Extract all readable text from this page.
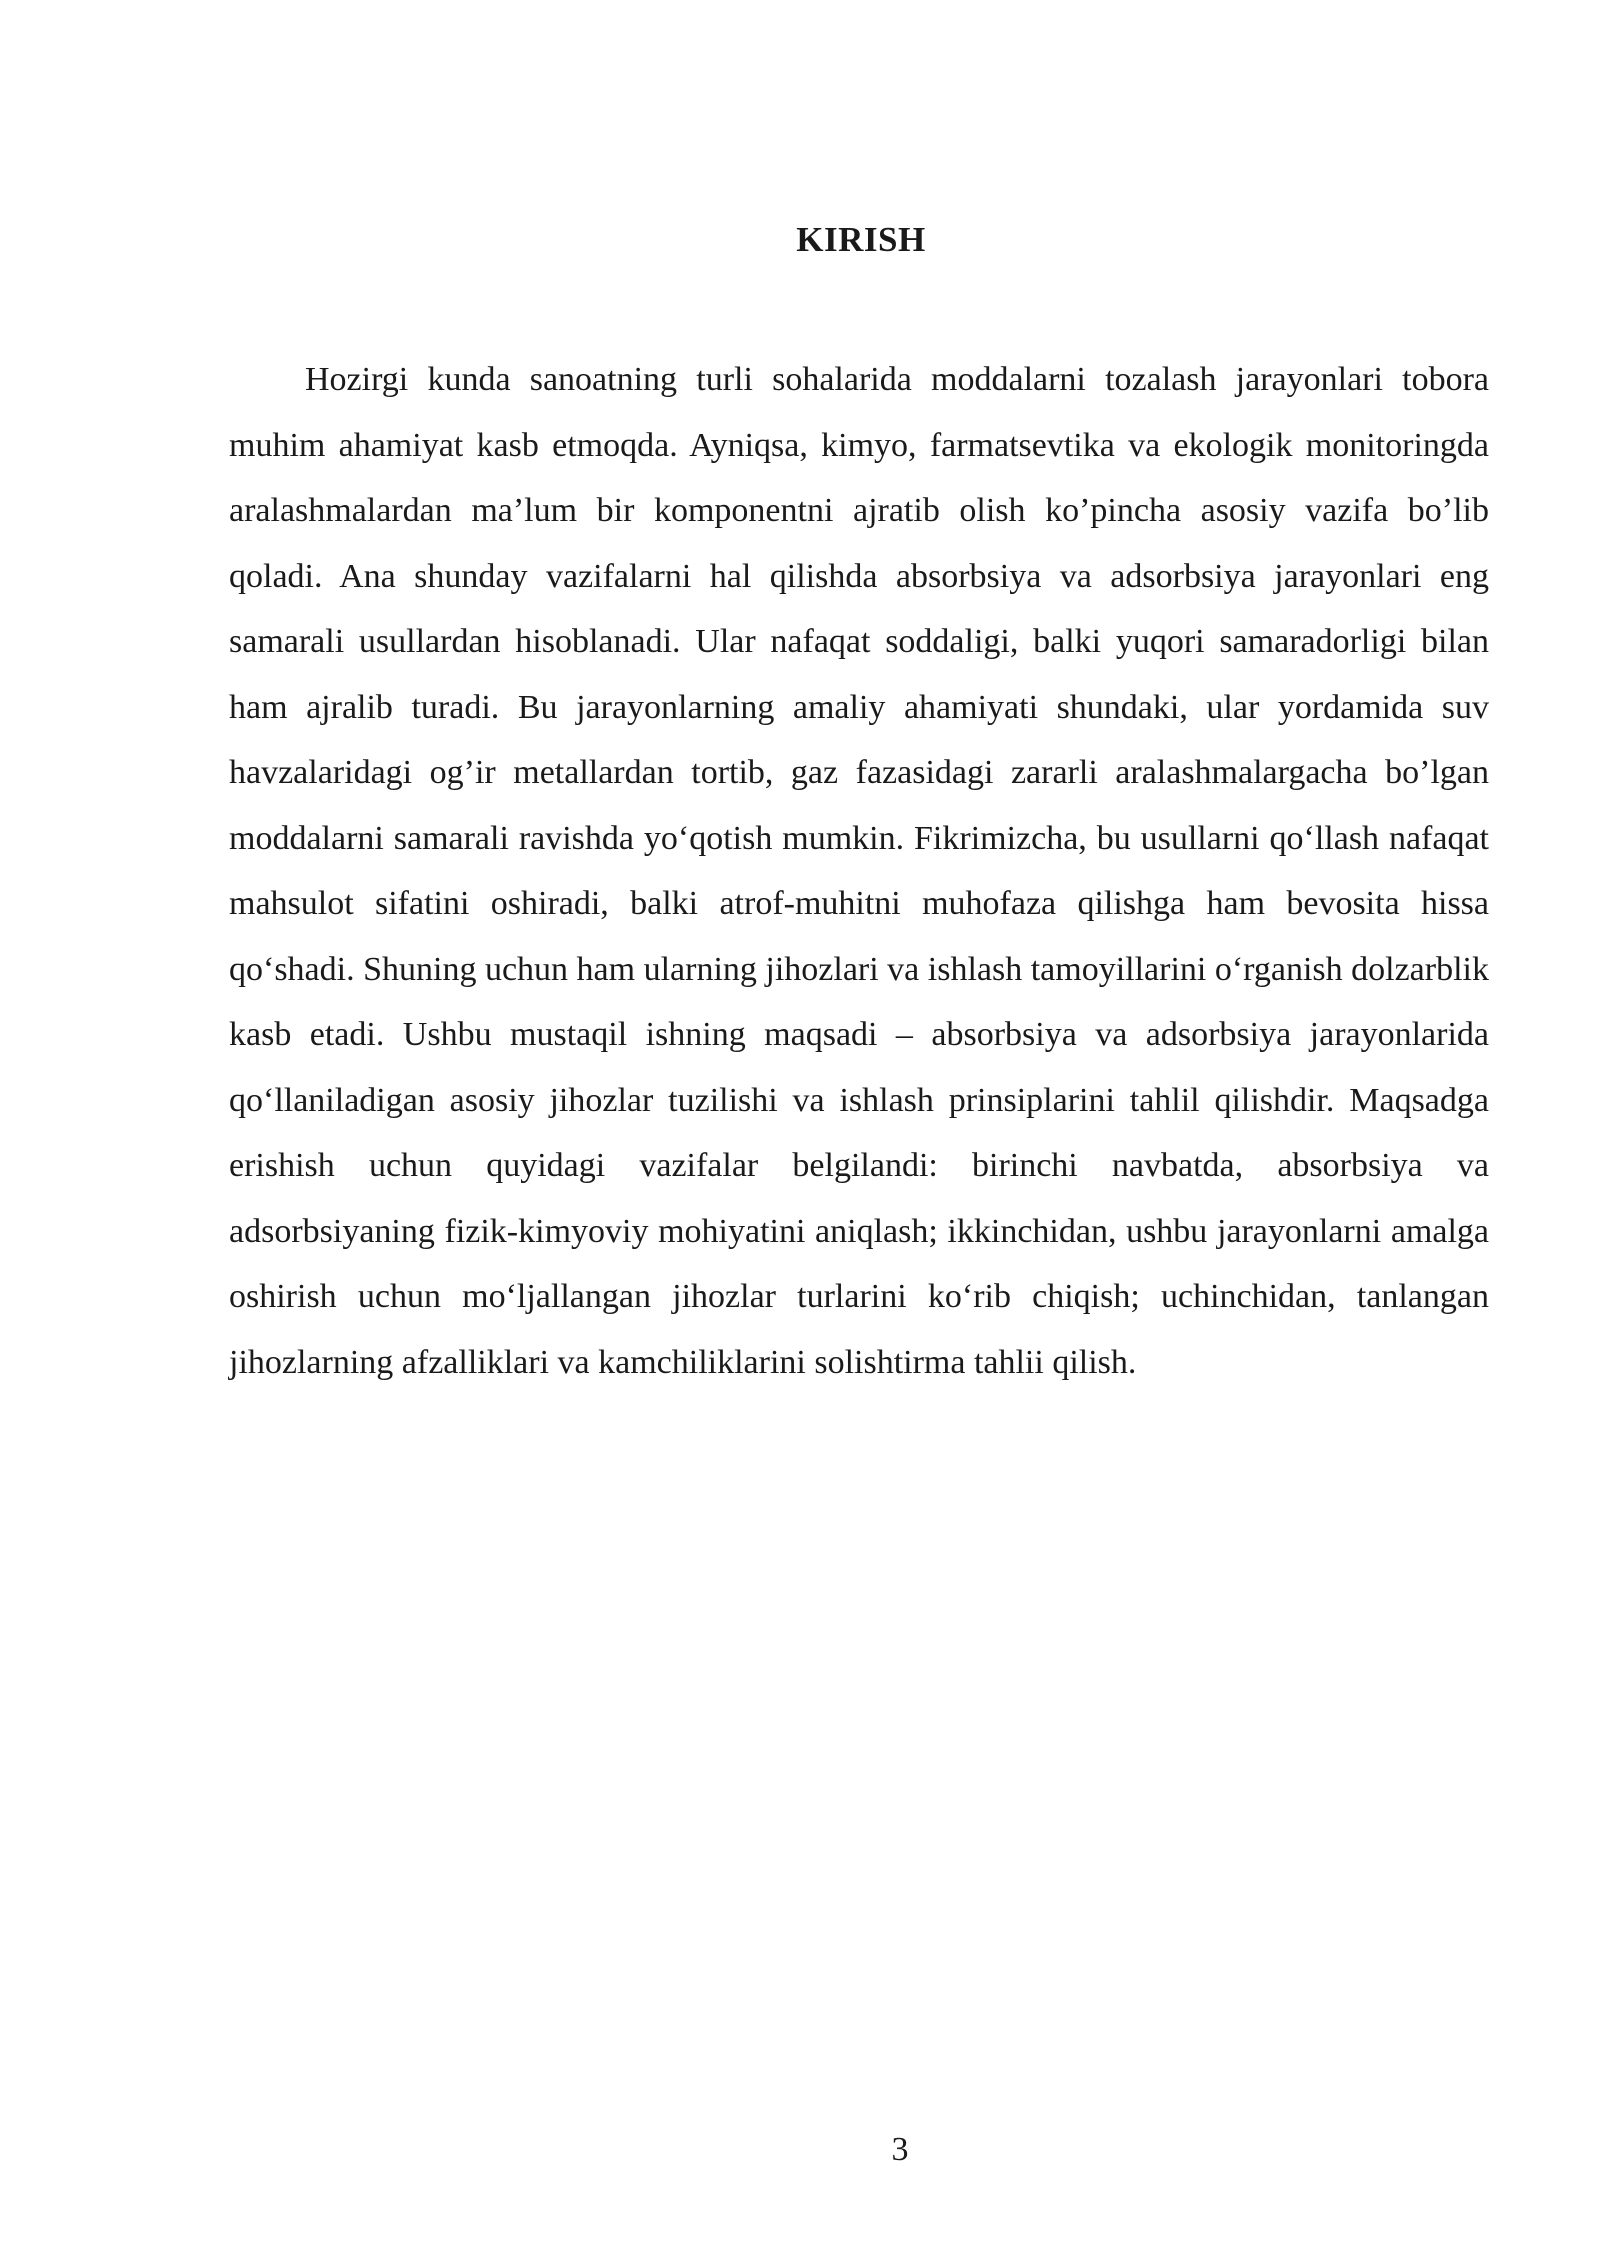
KIRISH

Hozirgi kunda sanoatning turli sohalarida moddalarni tozalash jarayonlari tobora muhim ahamiyat kasb etmoqda. Ayniqsa, kimyo, farmatsevtika va ekologik monitoringda aralashmalardan ma’lum bir komponentni ajratib olish ko’pincha asosiy vazifa bo’lib qoladi. Ana shunday vazifalarni hal qilishda absorbsiya va adsorbsiya jarayonlari eng samarali usullardan hisoblanadi. Ular nafaqat soddaligi, balki yuqori samaradorligi bilan ham ajralib turadi. Bu jarayonlarning amaliy ahamiyati shundaki, ular yordamida suv havzalaridagi og’ir metallardan tortib, gaz fazasidagi zararli aralashmalargacha bo’lgan moddalarni samarali ravishda yo‘qotish mumkin. Fikrimizcha, bu usullarni qo‘llash nafaqat mahsulot sifatini oshiradi, balki atrof-muhitni muhofaza qilishga ham bevosita hissa qo‘shadi. Shuning uchun ham ularning jihozlari va ishlash tamoyillarini o‘rganish dolzarblik kasb etadi. Ushbu mustaqil ishning maqsadi – absorbsiya va adsorbsiya jarayonlarida qo‘llaniladigan asosiy jihozlar tuzilishi va ishlash prinsiplarini tahlil qilishdir. Maqsadga erishish uchun quyidagi vazifalar belgilandi: birinchi navbatda, absorbsiya va adsorbsiyaning fizik-kimyoviy mohiyatini aniqlash; ikkinchidan, ushbu jarayonlarni amalga oshirish uchun mo‘ljallangan jihozlar turlarini ko‘rib chiqish; uchinchidan, tanlangan jihozlarning afzalliklari va kamchiliklarini solishtirma tahlii qilish.

3
